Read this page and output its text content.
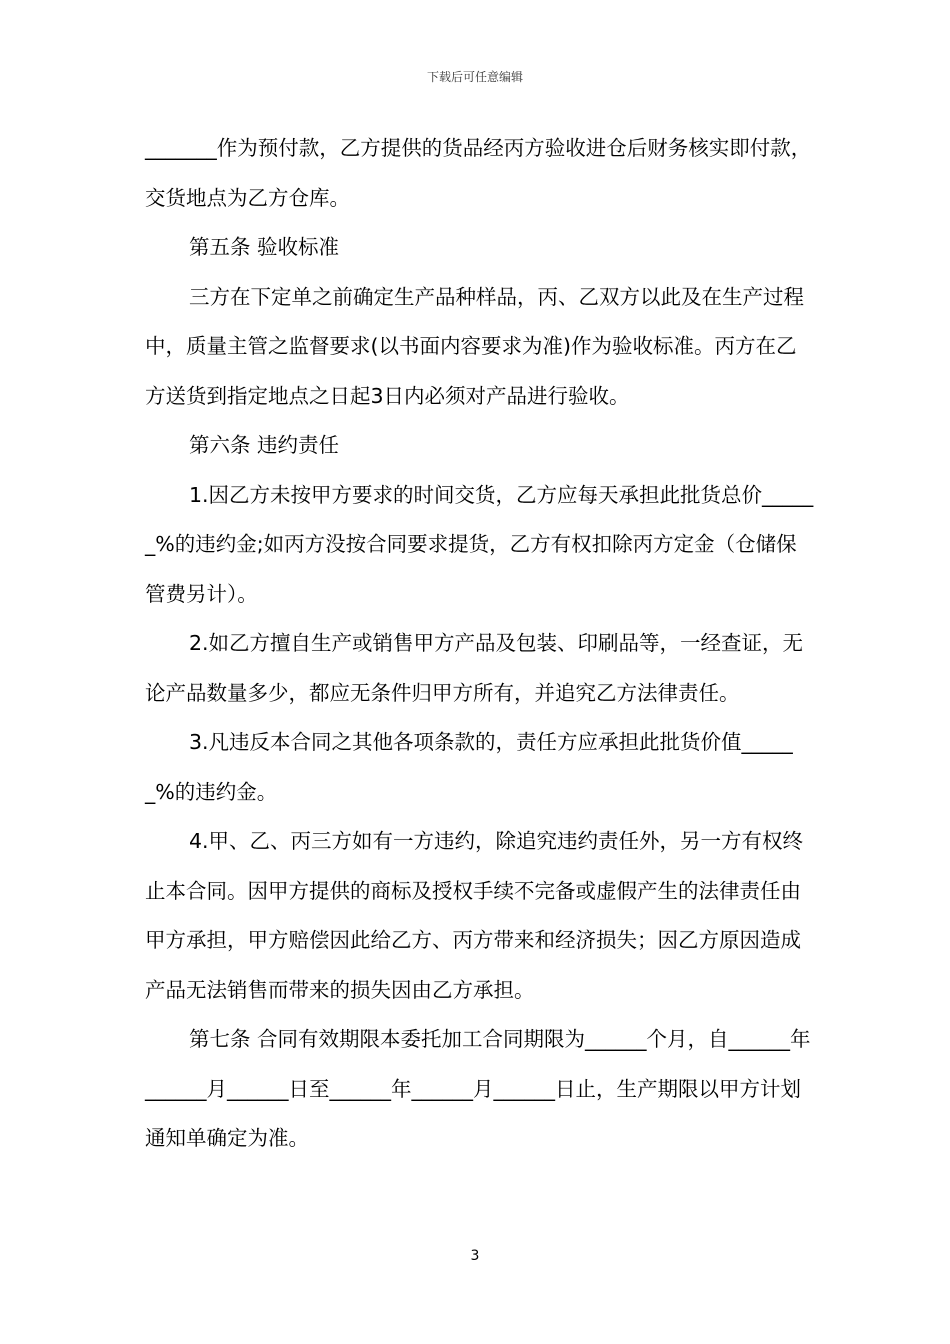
下载后可任意编辑

_______作为预付款，乙方提供的货品经丙方验收进仓后财务核实即付款，交货地点为乙方仓库。

第五条 验收标准

三方在下定单之前确定生产品种样品，丙、乙双方以此及在生产过程中，质量主管之监督要求(以书面内容要求为准)作为验收标准。丙方在乙方送货到指定地点之日起3日内必须对产品进行验收。

第六条 违约责任

1.因乙方未按甲方要求的时间交货，乙方应每天承担此批货总价______%的违约金;如丙方没按合同要求提货，乙方有权扣除丙方定金（仓储保管费另计）。

2.如乙方擅自生产或销售甲方产品及包装、印刷品等，一经查证，无论产品数量多少，都应无条件归甲方所有，并追究乙方法律责任。

3.凡违反本合同之其他各项条款的，责任方应承担此批货价值______%的违约金。

4.甲、乙、丙三方如有一方违约，除追究违约责任外，另一方有权终止本合同。因甲方提供的商标及授权手续不完备或虚假产生的法律责任由甲方承担，甲方赔偿因此给乙方、丙方带来和经济损失；因乙方原因造成产品无法销售而带来的损失因由乙方承担。

第七条 合同有效期限本委托加工合同期限为______个月，自______年______月______日至______年______月______日止，生产期限以甲方计划通知单确定为准。

3
